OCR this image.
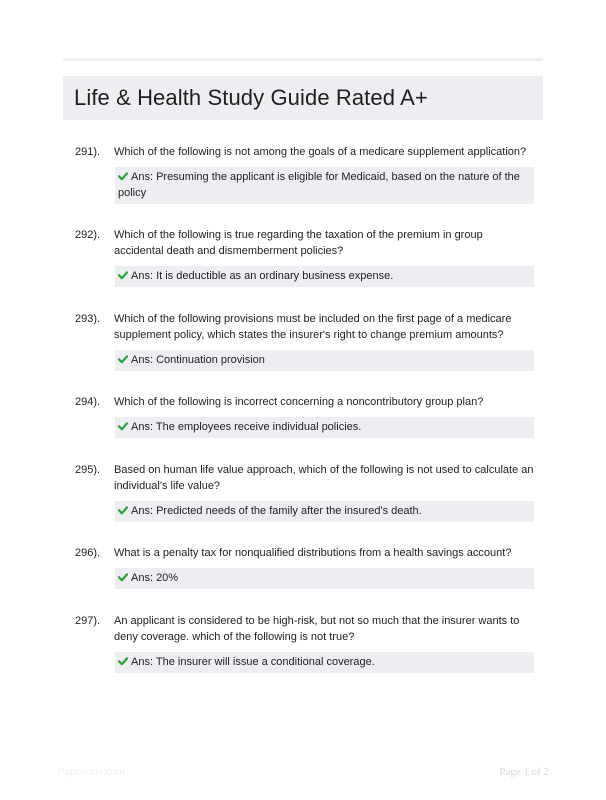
Life & Health Study Guide Rated A+
291).	Which of the following is not among the goals of a medicare supplement application?
Ans: Presuming the applicant is eligible for Medicaid, based on the nature of the policy
292).	Which of the following is true regarding the taxation of the premium in group accidental death and dismemberment policies?
Ans: It is deductible as an ordinary business expense.
293).	Which of the following provisions must be included on the first page of a medicare supplement policy, which states the insurer's right to change premium amounts?
Ans: Continuation provision
294).	Which of the following is incorrect concerning a noncontributory group plan?
Ans: The employees receive individual policies.
295).	Based on human life value approach, which of the following is not used to calculate an individual's life value?
Ans: Predicted needs of the family after the insured's death.
296).	What is a penalty tax for nonqualified distributions from a health savings account?
Ans: 20%
297).	An applicant is considered to be high-risk, but not so much that the insurer wants to deny coverage. which of the following is not true?
Ans: The insurer will issue a conditional coverage.
Papersbie.com	Page 1 of 2
